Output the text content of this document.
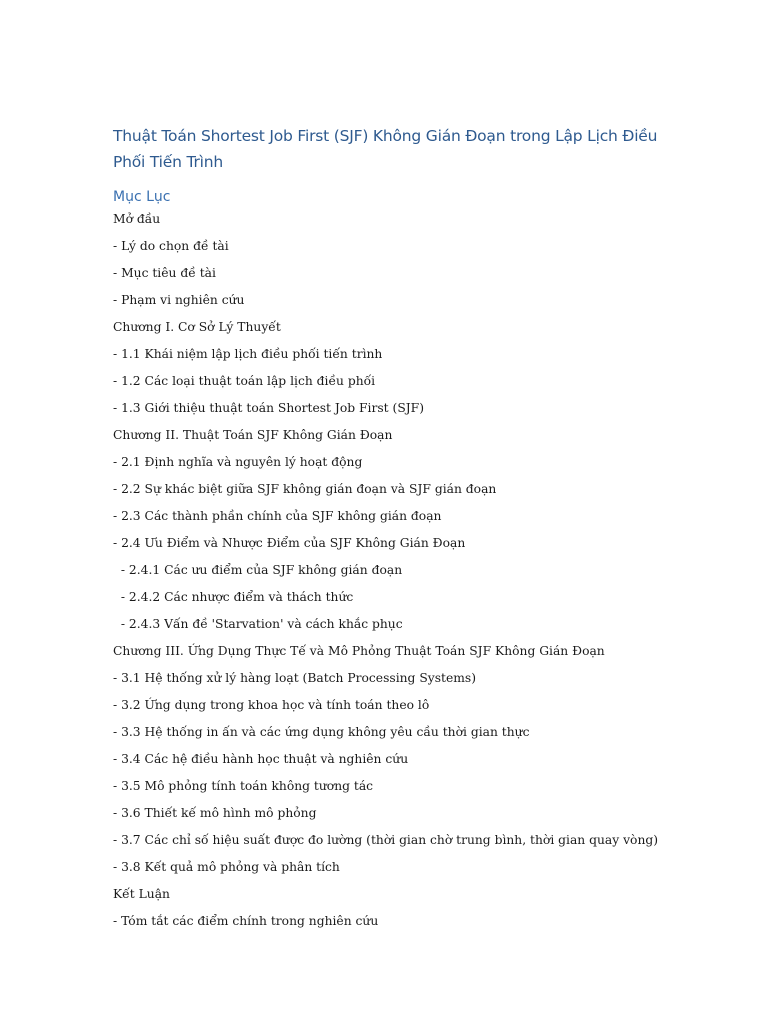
Thuật Toán Shortest Job First (SJF) Không Gián Đoạn trong Lập Lịch Điều Phối Tiến Trình
Mục Lục
Mở đầu
- Lý do chọn đề tài
- Mục tiêu đề tài
- Phạm vi nghiên cứu
Chương I. Cơ Sở Lý Thuyết
- 1.1 Khái niệm lập lịch điều phối tiến trình
- 1.2 Các loại thuật toán lập lịch điều phối
- 1.3 Giới thiệu thuật toán Shortest Job First (SJF)
Chương II. Thuật Toán SJF Không Gián Đoạn
- 2.1 Định nghĩa và nguyên lý hoạt động
- 2.2 Sự khác biệt giữa SJF không gián đoạn và SJF gián đoạn
- 2.3 Các thành phần chính của SJF không gián đoạn
- 2.4 Ưu Điểm và Nhược Điểm của SJF Không Gián Đoạn
- 2.4.1 Các ưu điểm của SJF không gián đoạn
- 2.4.2 Các nhược điểm và thách thức
- 2.4.3 Vấn đề 'Starvation' và cách khắc phục
Chương III. Ứng Dụng Thực Tế và Mô Phỏng Thuật Toán SJF Không Gián Đoạn
- 3.1 Hệ thống xử lý hàng loạt (Batch Processing Systems)
- 3.2 Ứng dụng trong khoa học và tính toán theo lô
- 3.3 Hệ thống in ấn và các ứng dụng không yêu cầu thời gian thực
- 3.4 Các hệ điều hành học thuật và nghiên cứu
- 3.5 Mô phỏng tính toán không tương tác
- 3.6 Thiết kế mô hình mô phỏng
- 3.7 Các chỉ số hiệu suất được đo lường (thời gian chờ trung bình, thời gian quay vòng)
- 3.8 Kết quả mô phỏng và phân tích
Kết Luận
- Tóm tắt các điểm chính trong nghiên cứu
